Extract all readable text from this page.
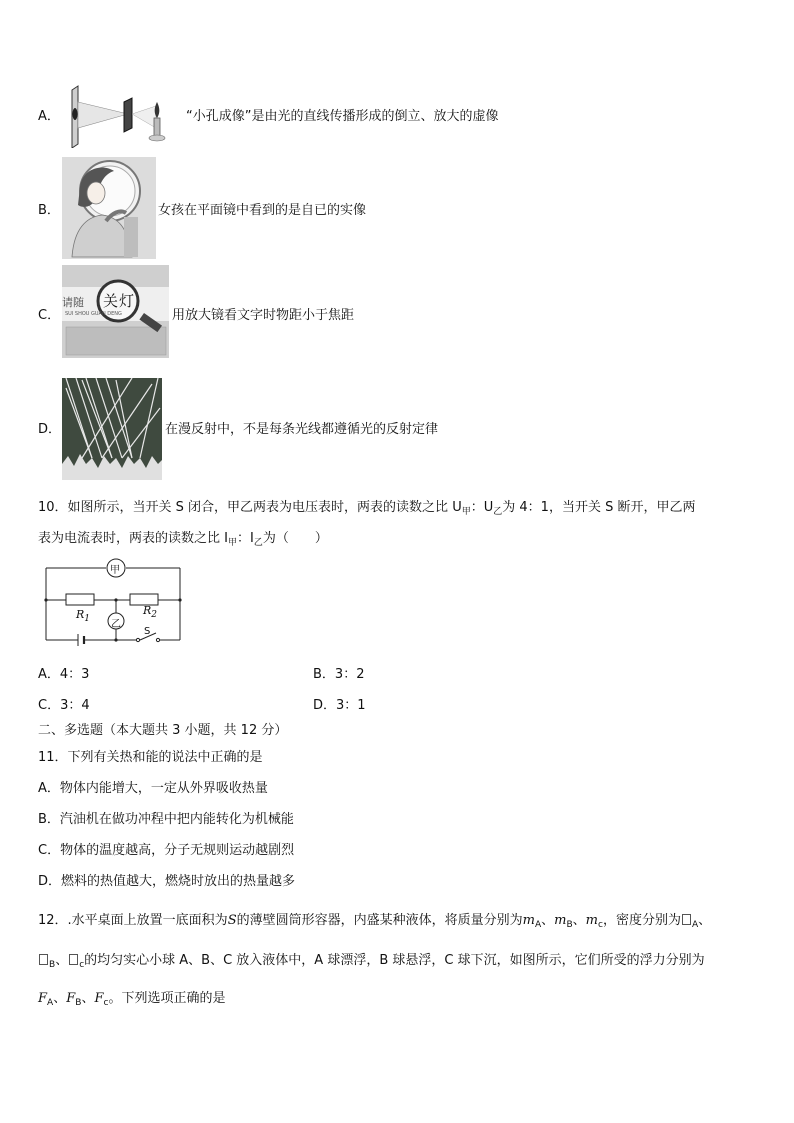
A．	“小孔成像”是由光的直线传播形成的倒立、放大的虚像
B．	女孩在平面镜中看到的是自已的实像
C．
请随 关灯
SUI SHOU GUAN DENG	用放大镜看文字时物距小于焦距
D．	在漫反射中，不是每条光线都遵循光的反射定律
10．如图所示，当开关 S 闭合，甲乙两表为电压表时，两表的读数之比 $U_甲$：$U_乙$为 4：1，当开关 S 断开，甲乙两
表为电流表时，两表的读数之比 $I_甲$：$I_乙$为（　　）
甲
乙
$R_1$
$R_2$
S
A．4：3	B．3：2
C．3：4	D．3：1
二、多选题（本大题共 3 小题，共 12 分）
11．下列有关热和能的说法中正确的是
A．物体内能增大，一定从外界吸收热量
B．汽油机在做功冲程中把内能转化为机械能
C．物体的温度越高，分子无规则运动越剧烈
D．燃料的热值越大，燃烧时放出的热量越多
12．.水平桌面上放置一底面积为S的薄壁圆筒形容器，内盛某种液体，将质量分别为$m_A$、$m_B$、$m_c$，密度分别为 $_A$、
$_B$、 $_c$的均匀实心小球 A、B、C 放入液体中，A 球漂浮，B 球悬浮，C 球下沉，如图所示，它们所受的浮力分别为
$F_A$、$F_B$、$F_c$。下列选项正确的是
